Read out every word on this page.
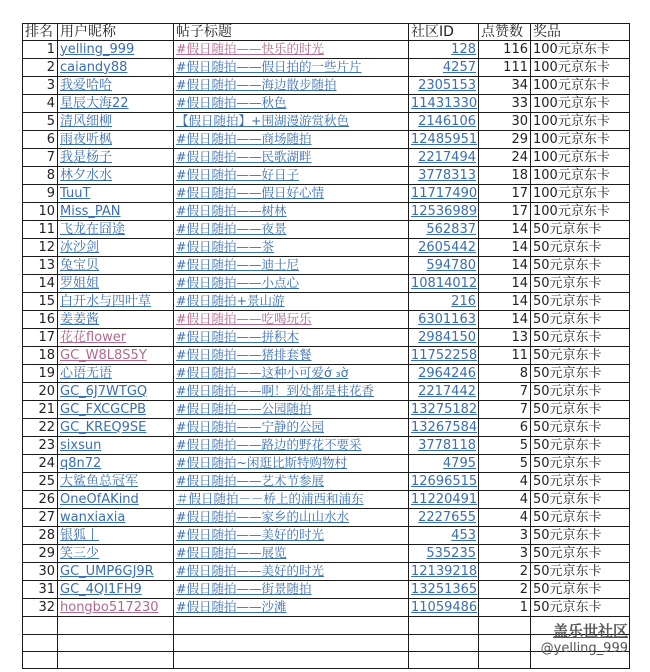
排名	用户昵称	帖子标题	社区ID	点赞数	奖品
1	yelling_999	#假日随拍——快乐的时光	128	116	100元京东卡
2	caiandy88	#假日随拍——假日拍的一些片片	4257	111	100元京东卡
3	我爱哈哈	#假日随拍——海边散步随拍	2305153	34	100元京东卡
4	星辰大海22	#假日随拍——秋色	11431330	33	100元京东卡
5	清风细柳	【假日随拍】+围湖漫游赏秋色	2146106	30	100元京东卡
6	雨夜听枫	#假日随拍——商场随拍	12485951	29	100元京东卡
7	我是杨子	#假日随拍——民歌湖畔	2217494	24	100元京东卡
8	林夕水水	#假日随拍——好日子	3778313	18	100元京东卡
9	TuuT	#假日随拍——假日好心情	11717490	17	100元京东卡
10	Miss_PAN	#假日随拍——树林	12536989	17	100元京东卡
11	飞龙在囧途	#假日随拍——夜景	562837	14	50元京东卡
12	冰沙剑	#假日随拍——茶	2605442	14	50元京东卡
13	兔宝贝	#假日随拍——迪士尼	594780	14	50元京东卡
14	罗姐姐	#假日随拍——小点心	10814012	14	50元京东卡
15	白开水与四叶草	#假日随拍+景山游	216	14	50元京东卡
16	姜姜酱	#假日随拍——吃喝玩乐	6301163	14	50元京东卡
17	花花flower	#假日随拍——拼积木	2984150	13	50元京东卡
18	GC_W8L8S5Y	#假日随拍——猪排套餐	11752258	11	50元京东卡
19	心语无语	#假日随拍——这种小可爱ớ ₃ờ	2964246	8	50元京东卡
20	GC_6J7WTGQ	#假日随拍——啊！到处都是桂花香	2217442	7	50元京东卡
21	GC_FXCGCPB	#假日随拍——公园随拍	13275182	7	50元京东卡
22	GC_KREQ9SE	#假日随拍——宁静的公园	13267584	6	50元京东卡
23	sixsun	#假日随拍——路边的野花不要采	3778118	5	50元京东卡
24	q8n72	#假日随拍~闲逛比斯特购物村	4795	5	50元京东卡
25	大鲨鱼总冠军	#假日随拍——艺术节参展	12696515	4	50元京东卡
26	OneOfAKind	＃假日随拍－－桥上的浦西和浦东	11220491	4	50元京东卡
27	wanxiaxia	#假日随拍——家乡的山山水水	2227655	4	50元京东卡
28	银狐丨	#假日随拍——美好的时光	453	3	50元京东卡
29	笑三少	#假日随拍——展览	535235	3	50元京东卡
30	GC_UMP6GJ9R	#假日随拍——美好的时光	12139218	2	50元京东卡
31	GC_4QI1FH9	#假日随拍——街景随拍	13251365	2	50元京东卡
32	hongbo517230	#假日随拍——沙滩	11059486	1	50元京东卡

盖乐世社区
@yelling_999
